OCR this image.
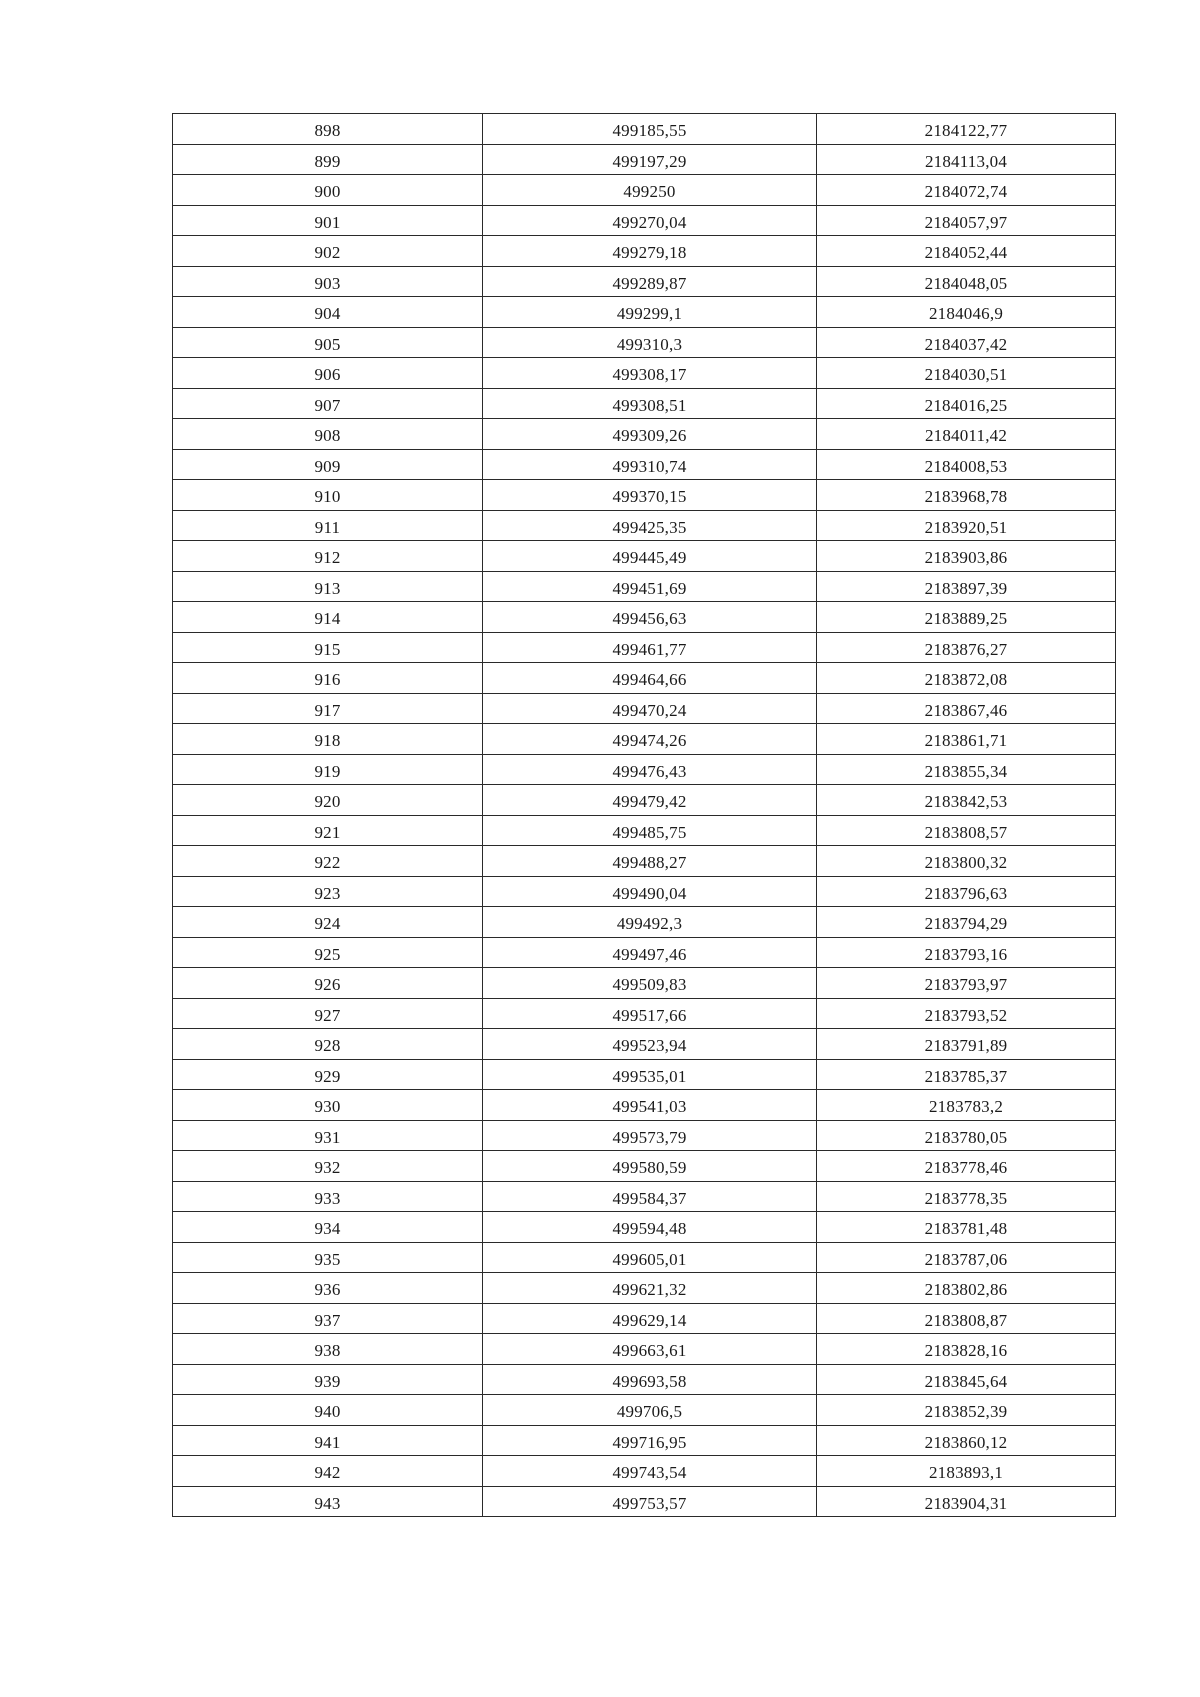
898	499185,55	2184122,77
899	499197,29	2184113,04
900	499250	2184072,74
901	499270,04	2184057,97
902	499279,18	2184052,44
903	499289,87	2184048,05
904	499299,1	2184046,9
905	499310,3	2184037,42
906	499308,17	2184030,51
907	499308,51	2184016,25
908	499309,26	2184011,42
909	499310,74	2184008,53
910	499370,15	2183968,78
911	499425,35	2183920,51
912	499445,49	2183903,86
913	499451,69	2183897,39
914	499456,63	2183889,25
915	499461,77	2183876,27
916	499464,66	2183872,08
917	499470,24	2183867,46
918	499474,26	2183861,71
919	499476,43	2183855,34
920	499479,42	2183842,53
921	499485,75	2183808,57
922	499488,27	2183800,32
923	499490,04	2183796,63
924	499492,3	2183794,29
925	499497,46	2183793,16
926	499509,83	2183793,97
927	499517,66	2183793,52
928	499523,94	2183791,89
929	499535,01	2183785,37
930	499541,03	2183783,2
931	499573,79	2183780,05
932	499580,59	2183778,46
933	499584,37	2183778,35
934	499594,48	2183781,48
935	499605,01	2183787,06
936	499621,32	2183802,86
937	499629,14	2183808,87
938	499663,61	2183828,16
939	499693,58	2183845,64
940	499706,5	2183852,39
941	499716,95	2183860,12
942	499743,54	2183893,1
943	499753,57	2183904,31
